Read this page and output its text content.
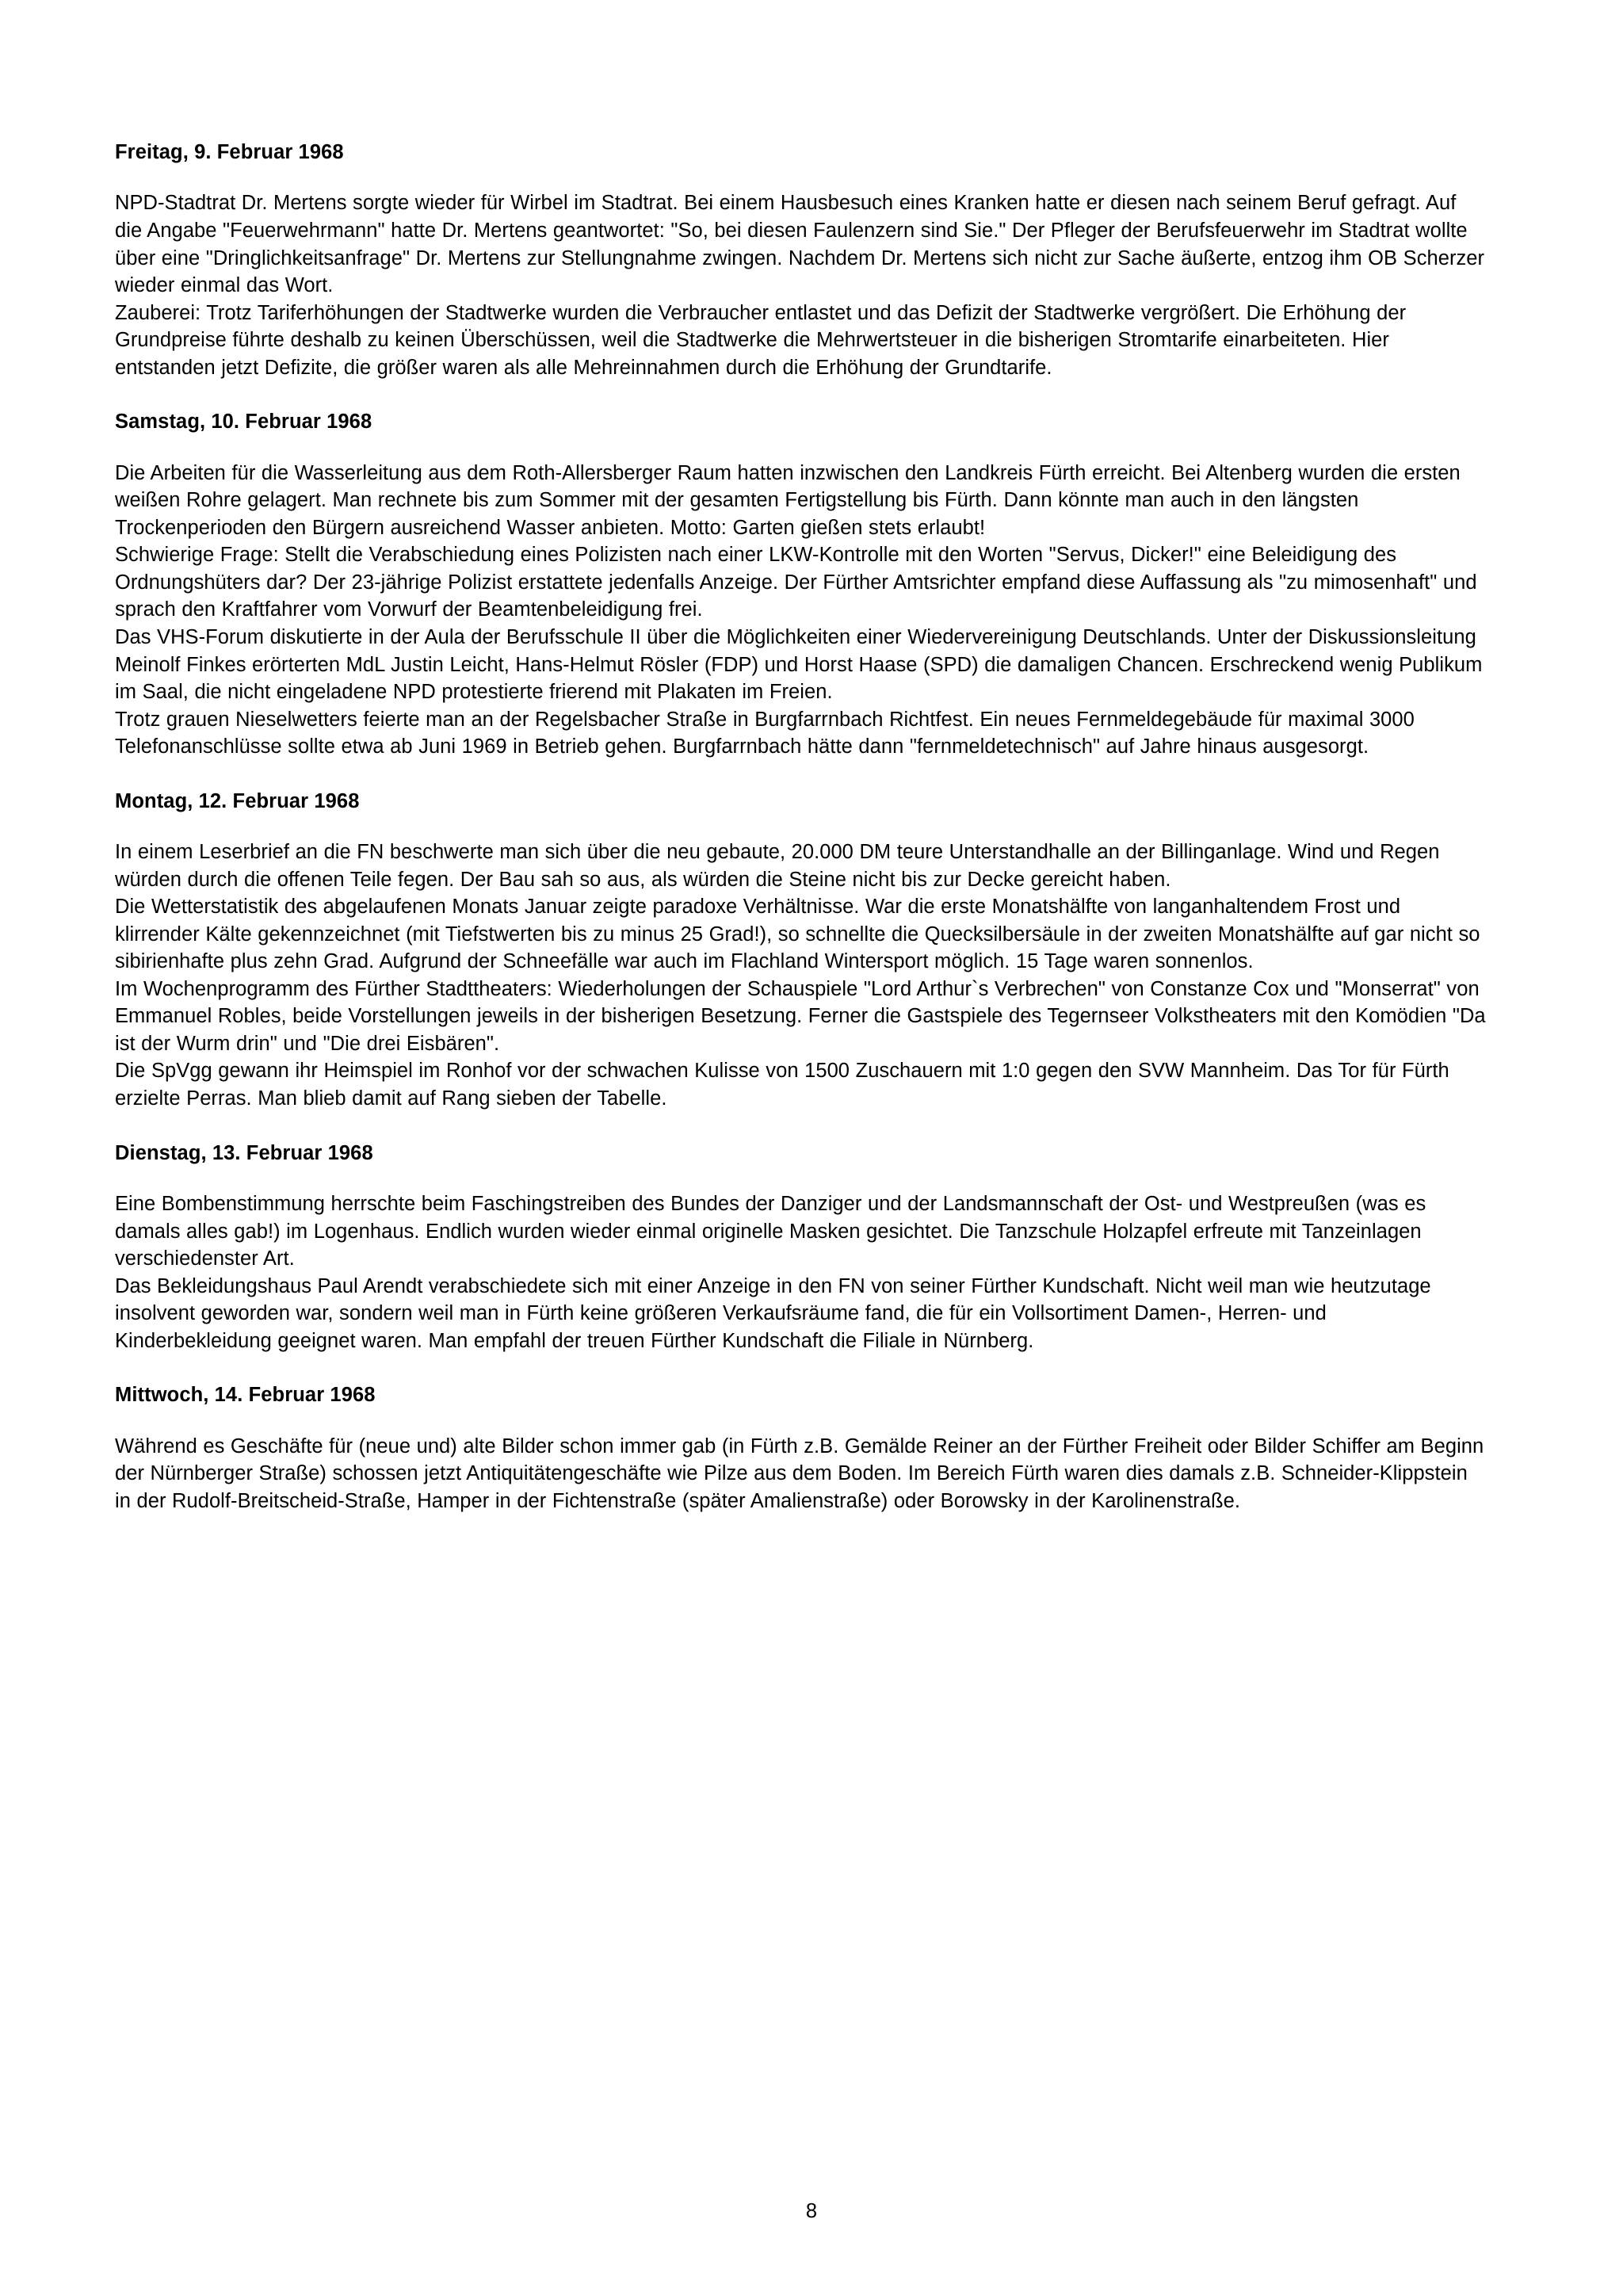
Freitag, 9. Februar 1968

NPD-Stadtrat Dr. Mertens sorgte wieder für Wirbel im Stadtrat. Bei einem Hausbesuch eines Kranken hatte er diesen nach seinem Beruf gefragt. Auf die Angabe "Feuerwehrmann" hatte Dr. Mertens geantwortet: "So, bei diesen Faulenzern sind Sie." Der Pfleger der Berufsfeuerwehr im Stadtrat wollte über eine "Dringlichkeitsanfrage" Dr. Mertens zur Stellungnahme zwingen. Nachdem Dr. Mertens sich nicht zur Sache äußerte, entzog ihm OB Scherzer wieder einmal das Wort.

Zauberei: Trotz Tariferhöhungen der Stadtwerke wurden die Verbraucher entlastet und das Defizit der Stadtwerke vergrößert. Die Erhöhung der Grundpreise führte deshalb zu keinen Überschüssen, weil die Stadtwerke die Mehrwertsteuer in die bisherigen Stromtarife einarbeiteten. Hier entstanden jetzt Defizite, die größer waren als alle Mehreinnahmen durch die Erhöhung der Grundtarife.

Samstag, 10. Februar 1968

Die Arbeiten für die Wasserleitung aus dem Roth-Allersberger Raum hatten inzwischen den Landkreis Fürth erreicht. Bei Altenberg wurden die ersten weißen Rohre gelagert. Man rechnete bis zum Sommer mit der gesamten Fertigstellung bis Fürth. Dann könnte man auch in den längsten Trockenperioden den Bürgern ausreichend Wasser anbieten. Motto: Garten gießen stets erlaubt!

Schwierige Frage: Stellt die Verabschiedung eines Polizisten nach einer LKW-Kontrolle mit den Worten "Servus, Dicker!" eine Beleidigung des Ordnungshüters dar? Der 23-jährige Polizist erstattete jedenfalls Anzeige. Der Fürther Amtsrichter empfand diese Auffassung als "zu mimosenhaft" und sprach den Kraftfahrer vom Vorwurf der Beamtenbeleidigung frei.

Das VHS-Forum diskutierte in der Aula der Berufsschule II über die Möglichkeiten einer Wiedervereinigung Deutschlands. Unter der Diskussionsleitung Meinolf Finkes erörterten MdL Justin Leicht, Hans-Helmut Rösler (FDP) und Horst Haase (SPD) die damaligen Chancen. Erschreckend wenig Publikum im Saal, die nicht eingeladene NPD protestierte frierend mit Plakaten im Freien.

Trotz grauen Nieselwetters feierte man an der Regelsbacher Straße in Burgfarrnbach Richtfest. Ein neues Fernmeldegebäude für maximal 3000 Telefonanschlüsse sollte etwa ab Juni 1969 in Betrieb gehen. Burgfarrnbach hätte dann "fernmeldetechnisch" auf Jahre hinaus ausgesorgt.

Montag, 12. Februar 1968

In einem Leserbrief an die FN beschwerte man sich über die neu gebaute, 20.000 DM teure Unterstandhalle an der Billinganlage. Wind und Regen würden durch die offenen Teile fegen. Der Bau sah so aus, als würden die Steine nicht bis zur Decke gereicht haben.

Die Wetterstatistik des abgelaufenen Monats Januar zeigte paradoxe Verhältnisse. War die erste Monatshälfte von langanhaltendem Frost und klirrender Kälte gekennzeichnet (mit Tiefstwerten bis zu minus 25 Grad!), so schnellte die Quecksilbersäule in der zweiten Monatshälfte auf gar nicht so sibirienhafte plus zehn Grad. Aufgrund der Schneefälle war auch im Flachland Wintersport möglich. 15 Tage waren sonnenlos.

Im Wochenprogramm des Fürther Stadttheaters: Wiederholungen der Schauspiele "Lord Arthur`s Verbrechen" von Constanze Cox und "Monserrat" von Emmanuel Robles, beide Vorstellungen jeweils in der bisherigen Besetzung. Ferner die Gastspiele des Tegernseer Volkstheaters mit den Komödien "Da ist der Wurm drin" und "Die drei Eisbären".

Die SpVgg gewann ihr Heimspiel im Ronhof vor der schwachen Kulisse von 1500 Zuschauern mit 1:0 gegen den SVW Mannheim. Das Tor für Fürth erzielte Perras. Man blieb damit auf Rang sieben der Tabelle.

Dienstag, 13. Februar 1968

Eine Bombenstimmung herrschte beim Faschingstreiben des Bundes der Danziger und der Landsmannschaft der Ost- und Westpreußen (was es damals alles gab!) im Logenhaus. Endlich wurden wieder einmal originelle Masken gesichtet. Die Tanzschule Holzapfel erfreute mit Tanzeinlagen verschiedenster Art.

Das Bekleidungshaus Paul Arendt verabschiedete sich mit einer Anzeige in den FN von seiner Fürther Kundschaft. Nicht weil man wie heutzutage insolvent geworden war, sondern weil man in Fürth keine größeren Verkaufsräume fand, die für ein Vollsortiment Damen-, Herren- und Kinderbekleidung geeignet waren. Man empfahl der treuen Fürther Kundschaft die Filiale in Nürnberg.

Mittwoch, 14. Februar 1968

Während es Geschäfte für (neue und) alte Bilder schon immer gab (in Fürth z.B. Gemälde Reiner an der Fürther Freiheit oder Bilder Schiffer am Beginn der Nürnberger Straße) schossen jetzt Antiquitätengeschäfte wie Pilze aus dem Boden. Im Bereich Fürth waren dies damals z.B. Schneider-Klippstein in der Rudolf-Breitscheid-Straße, Hamper in der Fichtenstraße (später Amalienstraße) oder Borowsky in der Karolinenstraße.

8
